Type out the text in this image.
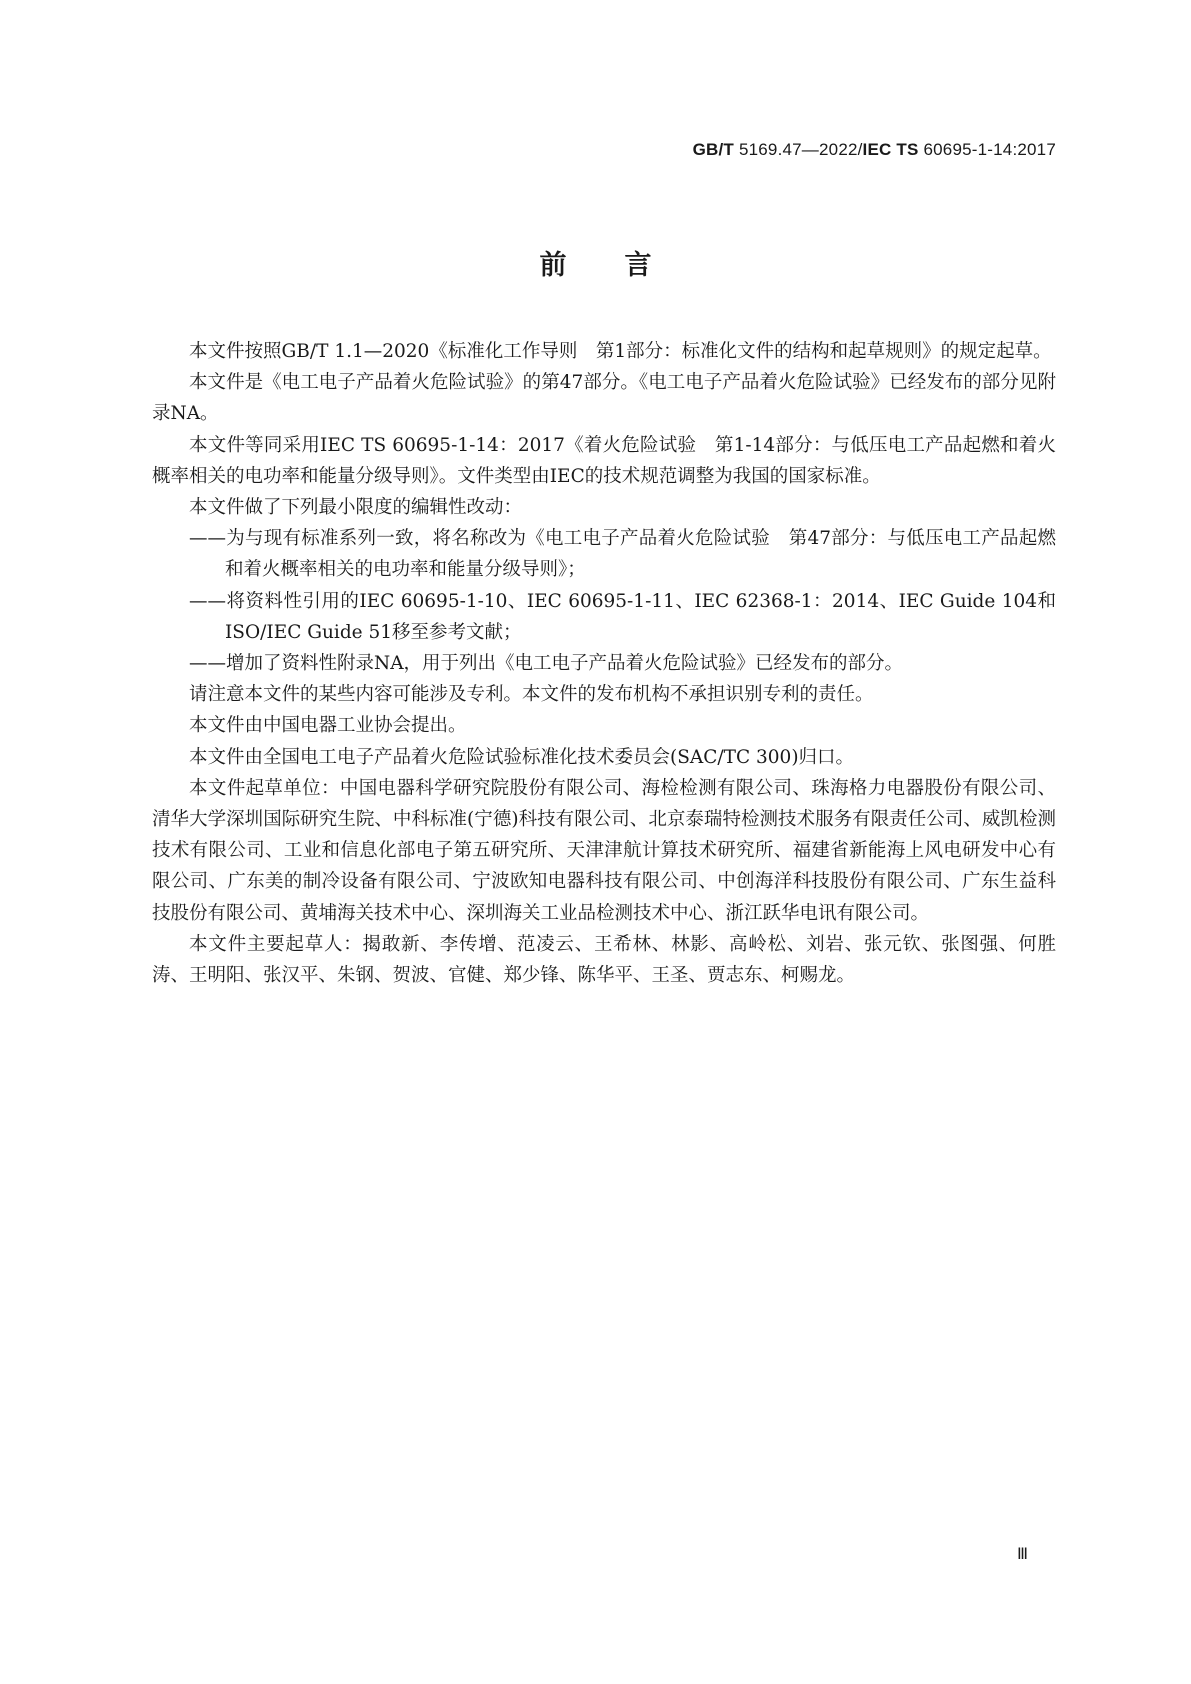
GB/T 5169.47—2022/IEC TS 60695-1-14:2017
前言

本文件按照GB/T 1.1—2020《标准化工作导则　第1部分：标准化文件的结构和起草规则》的规定起草。

本文件是《电工电子产品着火危险试验》的第47部分。《电工电子产品着火危险试验》已经发布的部分见附录NA。

本文件等同采用IEC TS 60695-1-14：2017《着火危险试验　第1-14部分：与低压电工产品起燃和着火概率相关的电功率和能量分级导则》。文件类型由IEC的技术规范调整为我国的国家标准。

本文件做了下列最小限度的编辑性改动：

——为与现有标准系列一致，将名称改为《电工电子产品着火危险试验　第47部分：与低压电工产品起燃和着火概率相关的电功率和能量分级导则》；
——将资料性引用的IEC 60695-1-10、IEC 60695-1-11、IEC 62368-1：2014、IEC Guide 104和ISO/IEC Guide 51移至参考文献；
——增加了资料性附录NA，用于列出《电工电子产品着火危险试验》已经发布的部分。

请注意本文件的某些内容可能涉及专利。本文件的发布机构不承担识别专利的责任。

本文件由中国电器工业协会提出。

本文件由全国电工电子产品着火危险试验标准化技术委员会(SAC/TC 300)归口。

本文件起草单位：中国电器科学研究院股份有限公司、海检检测有限公司、珠海格力电器股份有限公司、清华大学深圳国际研究生院、中科标准(宁德)科技有限公司、北京泰瑞特检测技术服务有限责任公司、威凯检测技术有限公司、工业和信息化部电子第五研究所、天津津航计算技术研究所、福建省新能海上风电研发中心有限公司、广东美的制冷设备有限公司、宁波欧知电器科技有限公司、中创海洋科技股份有限公司、广东生益科技股份有限公司、黄埔海关技术中心、深圳海关工业品检测技术中心、浙江跃华电讯有限公司。

本文件主要起草人：揭敢新、李传增、范凌云、王希林、林影、高岭松、刘岩、张元钦、张图强、何胜涛、王明阳、张汉平、朱钢、贺波、官健、郑少锋、陈华平、王圣、贾志东、柯赐龙。

Ⅲ
